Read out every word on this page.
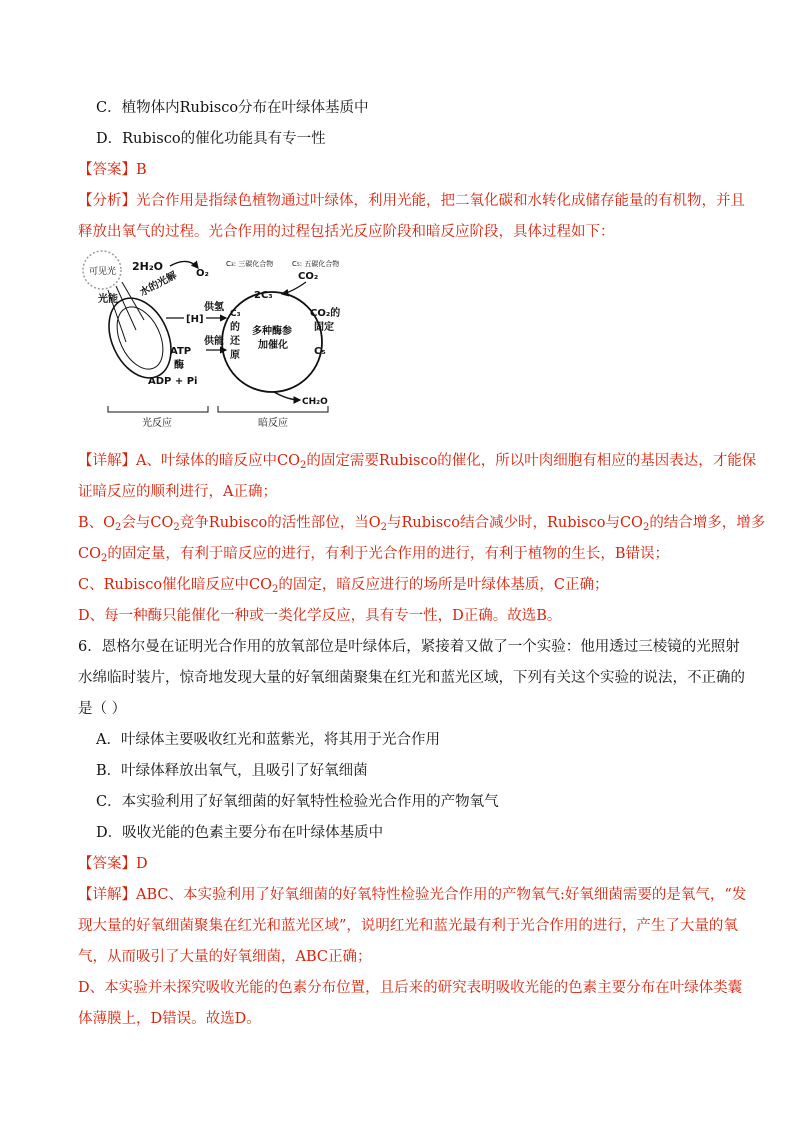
C．植物体内Rubisco分布在叶绿体基质中
D．Rubisco的催化功能具有专一性
【答案】B
【分析】光合作用是指绿色植物通过叶绿体，利用光能，把二氧化碳和水转化成储存能量的有机物，并且
释放出氧气的过程。光合作用的过程包括光反应阶段和暗反应阶段，具体过程如下：
可见光
光能
2H₂O
水的光解 O₂
C₃: 三碳化合物	C₅: 五碳化合物
CO₂
2C₃
CO₂的
固定
[H]
供氢
C₃
的
还
原
多种酶参
加催化
供能
ATP
酶
ADP + Pi
C₅
CH₂O
光反应	暗反应
【详解】A、叶绿体的暗反应中$CO_2$的固定需要Rubisco的催化，所以叶肉细胞有相应的基因表达，才能保
证暗反应的顺利进行，A正确；
B、$O_2$会与$CO_2$竞争Rubisco的活性部位，当$O_2$与Rubisco结合减少时，Rubisco与$CO_2$的结合增多，增多
$CO_2$的固定量，有利于暗反应的进行，有利于光合作用的进行，有利于植物的生长，B错误；
C、Rubisco催化暗反应中$CO_2$的固定，暗反应进行的场所是叶绿体基质，C正确；
D、每一种酶只能催化一种或一类化学反应，具有专一性，D正确。故选B。
6．恩格尔曼在证明光合作用的放氧部位是叶绿体后，紧接着又做了一个实验：他用透过三棱镜的光照射
水绵临时装片，惊奇地发现大量的好氧细菌聚集在红光和蓝光区域，下列有关这个实验的说法，不正确的
是（ ）
A．叶绿体主要吸收红光和蓝紫光，将其用于光合作用
B．叶绿体释放出氧气，且吸引了好氧细菌
C．本实验利用了好氧细菌的好氧特性检验光合作用的产物氧气
D．吸收光能的色素主要分布在叶绿体基质中
【答案】D
【详解】ABC、本实验利用了好氧细菌的好氧特性检验光合作用的产物氧气:好氧细菌需要的是氧气，“发
现大量的好氧细菌聚集在红光和蓝光区域”，说明红光和蓝光最有利于光合作用的进行，产生了大量的氧
气，从而吸引了大量的好氧细菌，ABC正确；
D、本实验并未探究吸收光能的色素分布位置，且后来的研究表明吸收光能的色素主要分布在叶绿体类囊
体薄膜上，D错误。故选D。
